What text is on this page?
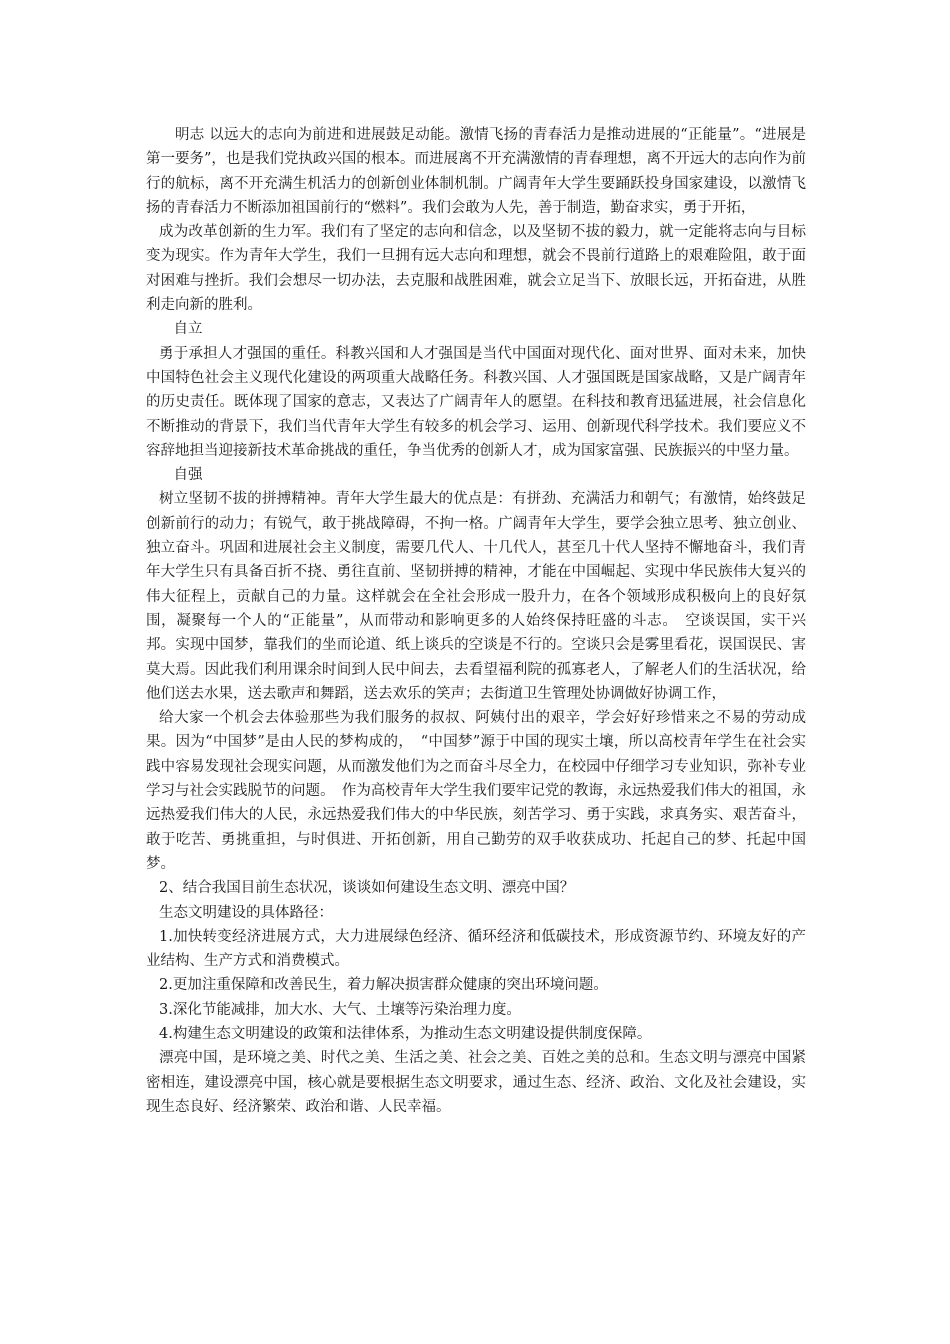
明志 以远大的志向为前进和进展鼓足动能。激情飞扬的青春活力是推动进展的“正能量”。“进展是第一要务”，也是我们党执政兴国的根本。而进展离不开充满激情的青春理想，离不开远大的志向作为前行的航标，离不开充满生机活力的创新创业体制机制。广阔青年大学生要踊跃投身国家建设，以激情飞扬的青春活力不断添加祖国前行的“燃料”。我们会敢为人先，善于制造，勤奋求实，勇于开拓，

成为改革创新的生力军。我们有了坚定的志向和信念，以及坚韧不拔的毅力，就一定能将志向与目标变为现实。作为青年大学生，我们一旦拥有远大志向和理想，就会不畏前行道路上的艰难险阻，敢于面对困难与挫折。我们会想尽一切办法，去克服和战胜困难，就会立足当下、放眼长远，开拓奋进，从胜利走向新的胜利。

自立

勇于承担人才强国的重任。科教兴国和人才强国是当代中国面对现代化、面对世界、面对未来，加快中国特色社会主义现代化建设的两项重大战略任务。科教兴国、人才强国既是国家战略，又是广阔青年的历史责任。既体现了国家的意志，又表达了广阔青年人的愿望。在科技和教育迅猛进展，社会信息化不断推动的背景下，我们当代青年大学生有较多的机会学习、运用、创新现代科学技术。我们要应义不容辞地担当迎接新技术革命挑战的重任，争当优秀的创新人才，成为国家富强、民族振兴的中坚力量。

自强

树立坚韧不拔的拼搏精神。青年大学生最大的优点是：有拼劲、充满活力和朝气；有激情，始终鼓足创新前行的动力；有锐气，敢于挑战障碍，不拘一格。广阔青年大学生，要学会独立思考、独立创业、独立奋斗。巩固和进展社会主义制度，需要几代人、十几代人，甚至几十代人坚持不懈地奋斗，我们青年大学生只有具备百折不挠、勇往直前、坚韧拼搏的精神，才能在中国崛起、实现中华民族伟大复兴的伟大征程上，贡献自己的力量。这样就会在全社会形成一股升力，在各个领域形成积极向上的良好氛围，凝聚每一个人的“正能量”，从而带动和影响更多的人始终保持旺盛的斗志。　空谈误国，实干兴邦。实现中国梦，靠我们的坐而论道、纸上谈兵的空谈是不行的。空谈只会是雾里看花，误国误民、害莫大焉。因此我们利用课余时间到人民中间去，去看望福利院的孤寡老人，了解老人们的生活状况，给他们送去水果，送去歌声和舞蹈，送去欢乐的笑声；去街道卫生管理处协调做好协调工作，

给大家一个机会去体验那些为我们服务的叔叔、阿姨付出的艰辛，学会好好珍惜来之不易的劳动成果。因为“中国梦”是由人民的梦构成的，　“中国梦”源于中国的现实土壤，所以高校青年学生在社会实践中容易发现社会现实问题，从而激发他们为之而奋斗尽全力，在校园中仔细学习专业知识，弥补专业学习与社会实践脱节的问题。　作为高校青年大学生我们要牢记党的教诲，永远热爱我们伟大的祖国，永远热爱我们伟大的人民，永远热爱我们伟大的中华民族，刻苦学习、勇于实践，求真务实、艰苦奋斗，敢于吃苦、勇挑重担，与时俱进、开拓创新，用自己勤劳的双手收获成功、托起自己的梦、托起中国梦。

2、结合我国目前生态状况，谈谈如何建设生态文明、漂亮中国？

生态文明建设的具体路径：

1.加快转变经济进展方式，大力进展绿色经济、循环经济和低碳技术，形成资源节约、环境友好的产业结构、生产方式和消费模式。

2.更加注重保障和改善民生，着力解决损害群众健康的突出环境问题。

3.深化节能减排，加大水、大气、土壤等污染治理力度。

4.构建生态文明建设的政策和法律体系，为推动生态文明建设提供制度保障。

漂亮中国，是环境之美、时代之美、生活之美、社会之美、百姓之美的总和。生态文明与漂亮中国紧密相连，建设漂亮中国，核心就是要根据生态文明要求，通过生态、经济、政治、文化及社会建设，实现生态良好、经济繁荣、政治和谐、人民幸福。
